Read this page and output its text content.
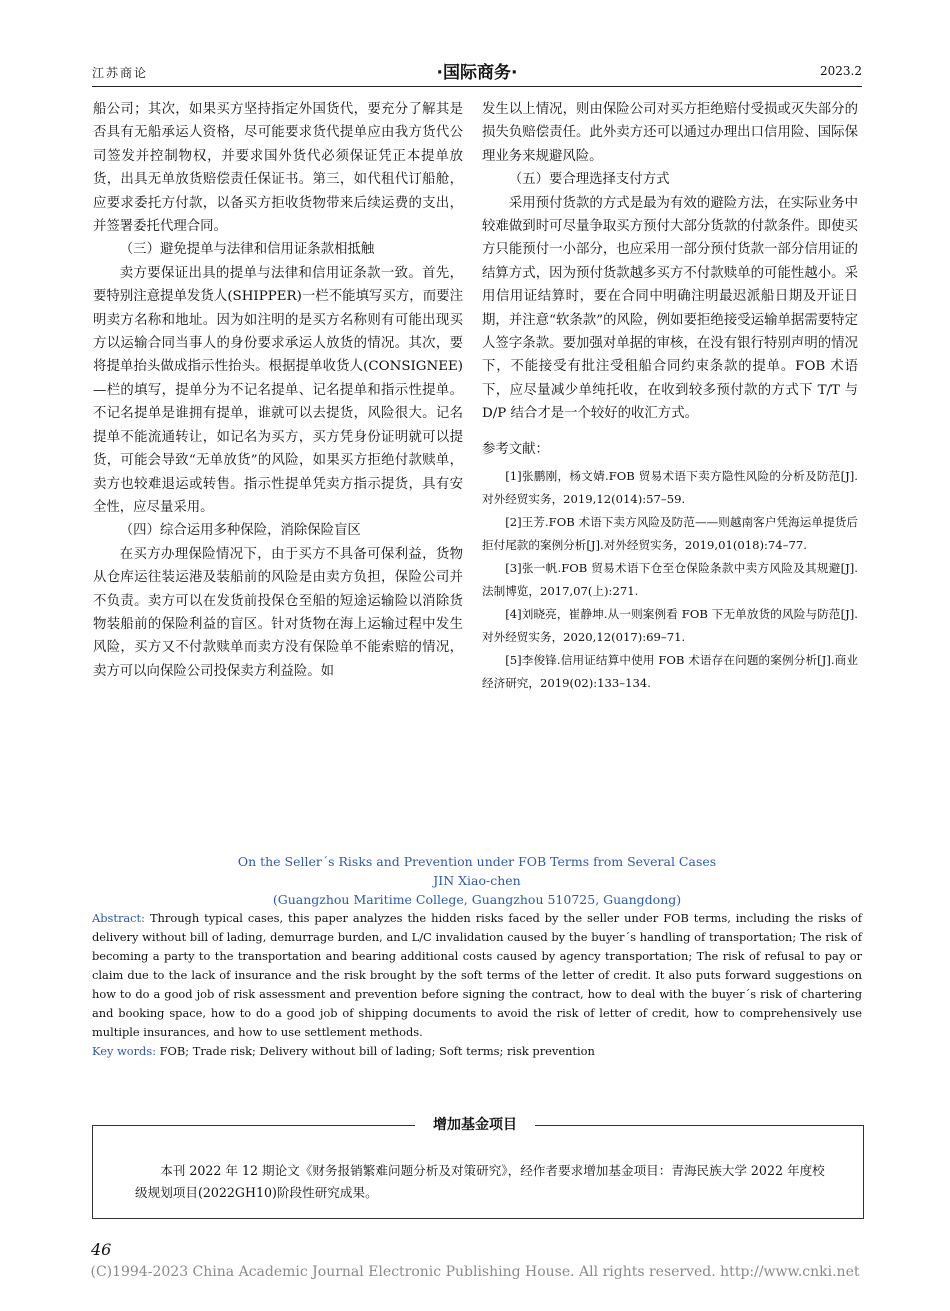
江苏商论	·国际商务·	2023.2

船公司；其次，如果买方坚持指定外国货代，要充分了解其是否具有无船承运人资格，尽可能要求货代提单应由我方货代公司签发并控制物权，并要求国外货代必须保证凭正本提单放货，出具无单放货赔偿责任保证书。第三，如代租代订船舱，应要求委托方付款，以备买方拒收货物带来后续运费的支出，并签署委托代理合同。

（三）避免提单与法律和信用证条款相抵触

卖方要保证出具的提单与法律和信用证条款一致。首先，要特别注意提单发货人(SHIPPER)一栏不能填写买方，而要注明卖方名称和地址。因为如注明的是买方名称则有可能出现买方以运输合同当事人的身份要求承运人放货的情况。其次，要将提单抬头做成指示性抬头。根据提单收货人(CONSIGNEE)—栏的填写，提单分为不记名提单、记名提单和指示性提单。不记名提单是谁拥有提单，谁就可以去提货，风险很大。记名提单不能流通转让，如记名为买方，买方凭身份证明就可以提货，可能会导致“无单放货”的风险，如果买方拒绝付款赎单，卖方也较难退运或转售。指示性提单凭卖方指示提货，具有安全性，应尽量采用。

（四）综合运用多种保险，消除保险盲区

在买方办理保险情况下，由于买方不具备可保利益，货物从仓库运往装运港及装船前的风险是由卖方负担，保险公司并不负责。卖方可以在发货前投保仓至船的短途运输险以消除货物装船前的保险利益的盲区。针对货物在海上运输过程中发生风险，买方又不付款赎单而卖方没有保险单不能索赔的情况，卖方可以向保险公司投保卖方利益险。如

发生以上情况，则由保险公司对买方拒绝赔付受损或灭失部分的损失负赔偿责任。此外卖方还可以通过办理出口信用险、国际保理业务来规避风险。

（五）要合理选择支付方式

采用预付货款的方式是最为有效的避险方法，在实际业务中较难做到时可尽量争取买方预付大部分货款的付款条件。即使买方只能预付一小部分，也应采用一部分预付货款一部分信用证的结算方式，因为预付货款越多买方不付款赎单的可能性越小。采用信用证结算时，要在合同中明确注明最迟派船日期及开证日期，并注意“软条款”的风险，例如要拒绝接受运输单据需要特定人签字条款。要加强对单据的审核，在没有银行特别声明的情况下，不能接受有批注受租船合同约束条款的提单。FOB 术语下，应尽量减少单纯托收，在收到较多预付款的方式下 T/T 与 D/P 结合才是一个较好的收汇方式。

参考文献：

[1]张鹏刚，杨文婧.FOB 贸易术语下卖方隐性风险的分析及防范[J].对外经贸实务，2019,12(014):57–59.

[2]王芳.FOB 术语下卖方风险及防范——则越南客户凭海运单提货后拒付尾款的案例分析[J].对外经贸实务，2019,01(018):74–77.

[3]张一帆.FOB 贸易术语下仓至仓保险条款中卖方风险及其规避[J].法制博览，2017,07(上):271.

[4]刘晓亮，崔静坤.从一则案例看 FOB 下无单放货的风险与防范[J].对外经贸实务，2020,12(017):69–71.

[5]李俊锋.信用证结算中使用 FOB 术语存在问题的案例分析[J].商业经济研究，2019(02):133–134.

On the Seller´s Risks and Prevention under FOB Terms from Several Cases
JIN Xiao-chen
(Guangzhou Maritime College, Guangzhou 510725, Guangdong)
Abstract: Through typical cases, this paper analyzes the hidden risks faced by the seller under FOB terms, including the risks of delivery without bill of lading, demurrage burden, and L/C invalidation caused by the buyer´s handling of transportation; The risk of becoming a party to the transportation and bearing additional costs caused by agency transportation; The risk of refusal to pay or claim due to the lack of insurance and the risk brought by the soft terms of the letter of credit. It also puts forward suggestions on how to do a good job of risk assessment and prevention before signing the contract, how to deal with the buyer´s risk of chartering and booking space, how to do a good job of shipping documents to avoid the risk of letter of credit, how to comprehensively use multiple insurances, and how to use settlement methods.
Key words: FOB; Trade risk; Delivery without bill of lading; Soft terms; risk prevention
增加基金项目
本刊 2022 年 12 期论文《财务报销繁难问题分析及对策研究》，经作者要求增加基金项目：青海民族大学 2022 年度校级规划项目(2022GH10)阶段性研究成果。
46
(C)1994-2023 China Academic Journal Electronic Publishing House. All rights reserved. http://www.cnki.net
